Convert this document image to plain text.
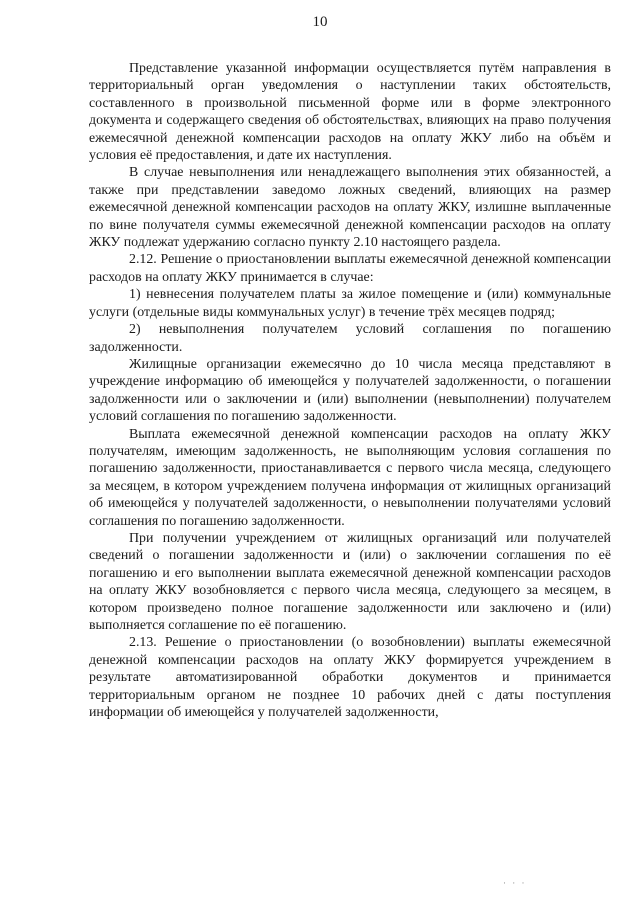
10

Представление указанной информации осуществляется путём направления в территориальный орган уведомления о наступлении таких обстоятельств, составленного в произвольной письменной форме или в форме электронного документа и содержащего сведения об обстоятельствах, влияющих на право получения ежемесячной денежной компенсации расходов на оплату ЖКУ либо на объём и условия её предоставления, и дате их наступления.

В случае невыполнения или ненадлежащего выполнения этих обязанностей, а также при представлении заведомо ложных сведений, влияющих на размер ежемесячной денежной компенсации расходов на оплату ЖКУ, излишне выплаченные по вине получателя суммы ежемесячной денежной компенсации расходов на оплату ЖКУ подлежат удержанию согласно пункту 2.10 настоящего раздела.

2.12. Решение о приостановлении выплаты ежемесячной денежной компенсации расходов на оплату ЖКУ принимается в случае:

1) невнесения получателем платы за жилое помещение и (или) коммунальные услуги (отдельные виды коммунальных услуг) в течение трёх месяцев подряд;

2) невыполнения получателем условий соглашения по погашению задолженности.

Жилищные организации ежемесячно до 10 числа месяца представляют в учреждение информацию об имеющейся у получателей задолженности, о погашении задолженности или о заключении и (или) выполнении (невыполнении) получателем условий соглашения по погашению задолженности.

Выплата ежемесячной денежной компенсации расходов на оплату ЖКУ получателям, имеющим задолженность, не выполняющим условия соглашения по погашению задолженности, приостанавливается с первого числа месяца, следующего за месяцем, в котором учреждением получена информация от жилищных организаций об имеющейся у получателей задолженности, о невыполнении получателями условий соглашения по погашению задолженности.

При получении учреждением от жилищных организаций или получателей сведений о погашении задолженности и (или) о заключении соглашения по её погашению и его выполнении выплата ежемесячной денежной компенсации расходов на оплату ЖКУ возобновляется с первого числа месяца, следующего за месяцем, в котором произведено полное погашение задолженности или заключено и (или) выполняется соглашение по её погашению.

2.13. Решение о приостановлении (о возобновлении) выплаты ежемесячной денежной компенсации расходов на оплату ЖКУ формируется учреждением в результате автоматизированной обработки документов и принимается территориальным органом не позднее 10 рабочих дней с даты поступления информации об имеющейся у получателей задолженности,

· · ·
